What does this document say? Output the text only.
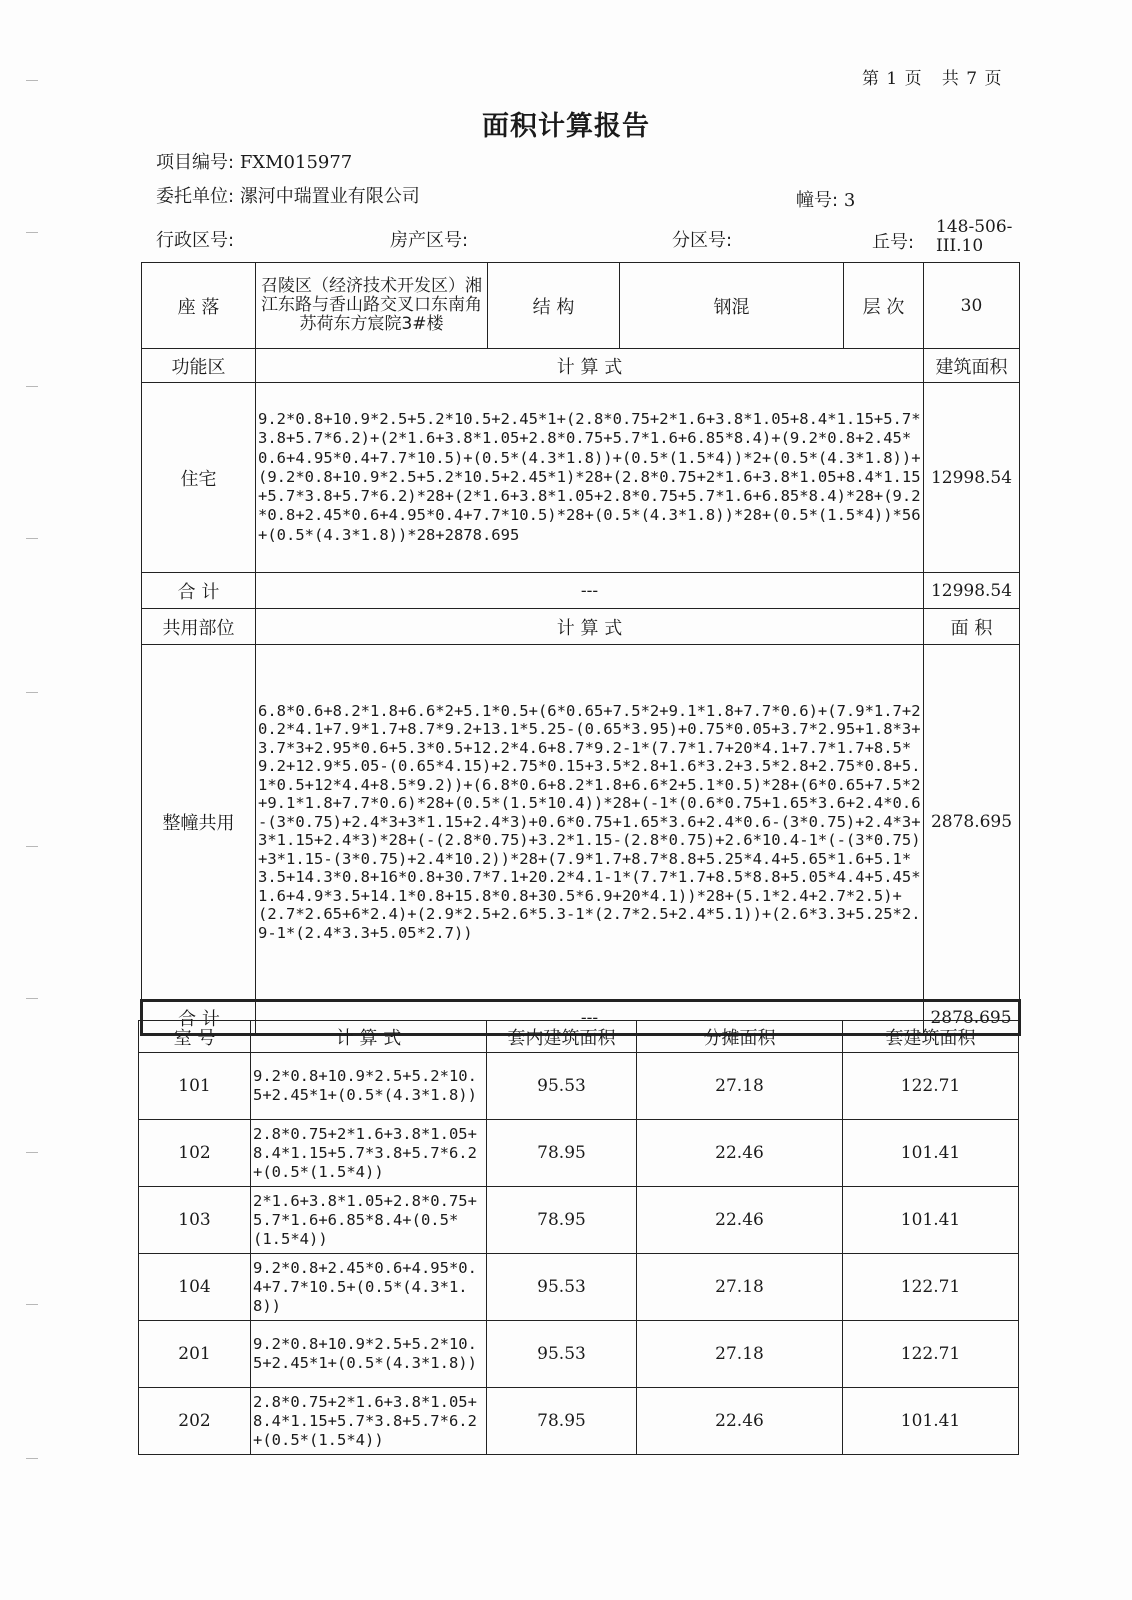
第 1 页   共 7 页
面积计算报告
项目编号: FXM015977
委托单位: 漯河中瑞置业有限公司	幢号: 3
行政区号:	房产区号:	分区号:	丘号:
148-506-III.10
座 落	召陵区（经济技术开发区）湘江东路与香山路交叉口东南角苏荷东方宸院3#楼	结 构	钢混	层 次	30
功能区	计 算 式				建筑面积
住宅	9.2*0.8+10.9*2.5+5.2*10.5+2.45*1+(2.8*0.75+2*1.6+3.8*1.05+8.4*1.15+5.7*3.8+5.7*6.2)+(2*1.6+3.8*1.05+2.8*0.75+5.7*1.6+6.85*8.4)+(9.2*0.8+2.45*0.6+4.95*0.4+7.7*10.5)+(0.5*(4.3*1.8))+(0.5*(1.5*4))*2+(0.5*(4.3*1.8))+(9.2*0.8+10.9*2.5+5.2*10.5+2.45*1)*28+(2.8*0.75+2*1.6+3.8*1.05+8.4*1.15+5.7*3.8+5.7*6.2)*28+(2*1.6+3.8*1.05+2.8*0.75+5.7*1.6+6.85*8.4)*28+(9.2*0.8+2.45*0.6+4.95*0.4+7.7*10.5)*28+(0.5*(4.3*1.8))*28+(0.5*(1.5*4))*56+(0.5*(4.3*1.8))*28+2878.695				12998.54
合 计	---				12998.54
共用部位	计 算 式				面 积
整幢共用	6.8*0.6+8.2*1.8+6.6*2+5.1*0.5+(6*0.65+7.5*2+9.1*1.8+7.7*0.6)+(7.9*1.7+20.2*4.1+7.9*1.7+8.7*9.2+13.1*5.25-(0.65*3.95)+0.75*0.05+3.7*2.95+1.8*3+3.7*3+2.95*0.6+5.3*0.5+12.2*4.6+8.7*9.2-1*(7.7*1.7+20*4.1+7.7*1.7+8.5*9.2+12.9*5.05-(0.65*4.15)+2.75*0.15+3.5*2.8+1.6*3.2+3.5*2.8+2.75*0.8+5.1*0.5+12*4.4+8.5*9.2))+(6.8*0.6+8.2*1.8+6.6*2+5.1*0.5)*28+(6*0.65+7.5*2+9.1*1.8+7.7*0.6)*28+(0.5*(1.5*10.4))*28+(-1*(0.6*0.75+1.65*3.6+2.4*0.6-(3*0.75)+2.4*3+3*1.15+2.4*3)+0.6*0.75+1.65*3.6+2.4*0.6-(3*0.75)+2.4*3+3*1.15+2.4*3)*28+(-(2.8*0.75)+3.2*1.15-(2.8*0.75)+2.6*10.4-1*(-(3*0.75)+3*1.15-(3*0.75)+2.4*10.2))*28+(7.9*1.7+8.7*8.8+5.25*4.4+5.65*1.6+5.1*3.5+14.3*0.8+16*0.8+30.7*7.1+20.2*4.1-1*(7.7*1.7+8.5*8.8+5.05*4.4+5.45*1.6+4.9*3.5+14.1*0.8+15.8*0.8+30.5*6.9+20*4.1))*28+(5.1*2.4+2.7*2.5)+(2.7*2.65+6*2.4)+(2.9*2.5+2.6*5.3-1*(2.7*2.5+2.4*5.1))+(2.6*3.3+5.25*2.9-1*(2.4*3.3+5.05*2.7))				2878.695
合 计	---				2878.695
室 号	计 算 式	套内建筑面积	分摊面积	套建筑面积
101	9.2*0.8+10.9*2.5+5.2*10.5+2.45*1+(0.5*(4.3*1.8))	95.53	27.18	122.71
102	2.8*0.75+2*1.6+3.8*1.05+8.4*1.15+5.7*3.8+5.7*6.2+(0.5*(1.5*4))	78.95	22.46	101.41
103	2*1.6+3.8*1.05+2.8*0.75+5.7*1.6+6.85*8.4+(0.5*(1.5*4))	78.95	22.46	101.41
104	9.2*0.8+2.45*0.6+4.95*0.4+7.7*10.5+(0.5*(4.3*1.8))	95.53	27.18	122.71
201	9.2*0.8+10.9*2.5+5.2*10.5+2.45*1+(0.5*(4.3*1.8))	95.53	27.18	122.71
202	2.8*0.75+2*1.6+3.8*1.05+8.4*1.15+5.7*3.8+5.7*6.2+(0.5*(1.5*4))	78.95	22.46	101.41
